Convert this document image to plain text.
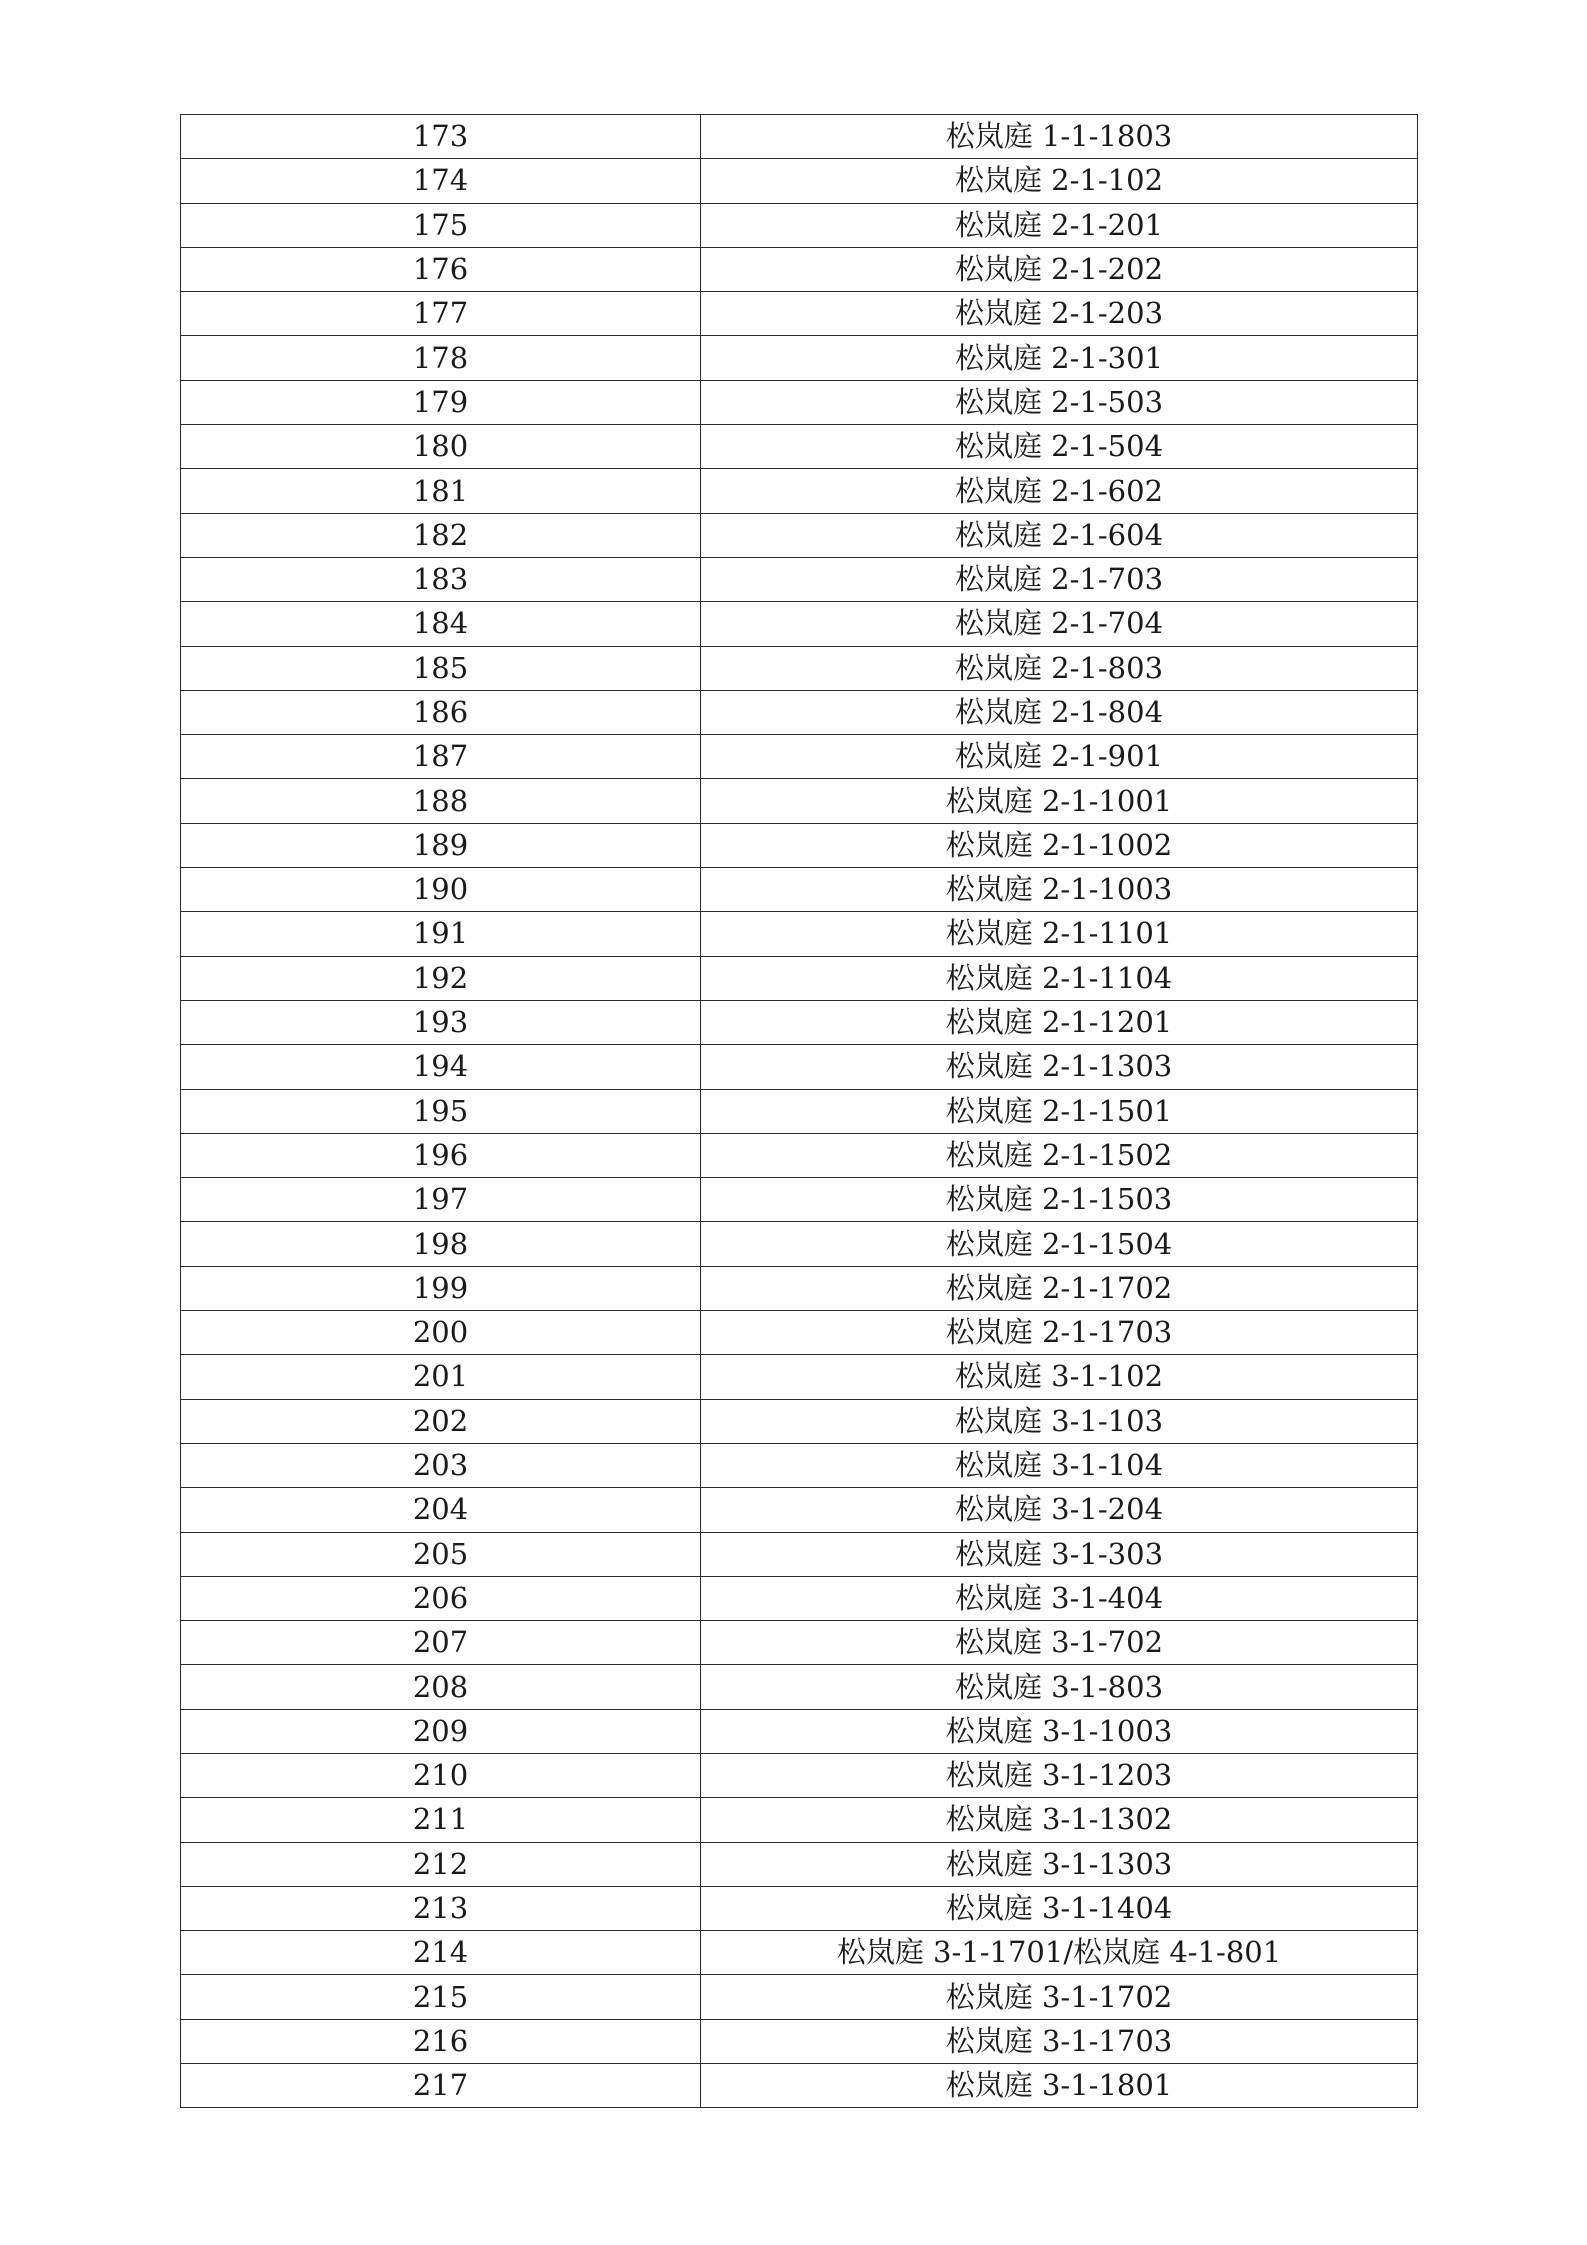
173	松岚庭 1-1-1803
174	松岚庭 2-1-102
175	松岚庭 2-1-201
176	松岚庭 2-1-202
177	松岚庭 2-1-203
178	松岚庭 2-1-301
179	松岚庭 2-1-503
180	松岚庭 2-1-504
181	松岚庭 2-1-602
182	松岚庭 2-1-604
183	松岚庭 2-1-703
184	松岚庭 2-1-704
185	松岚庭 2-1-803
186	松岚庭 2-1-804
187	松岚庭 2-1-901
188	松岚庭 2-1-1001
189	松岚庭 2-1-1002
190	松岚庭 2-1-1003
191	松岚庭 2-1-1101
192	松岚庭 2-1-1104
193	松岚庭 2-1-1201
194	松岚庭 2-1-1303
195	松岚庭 2-1-1501
196	松岚庭 2-1-1502
197	松岚庭 2-1-1503
198	松岚庭 2-1-1504
199	松岚庭 2-1-1702
200	松岚庭 2-1-1703
201	松岚庭 3-1-102
202	松岚庭 3-1-103
203	松岚庭 3-1-104
204	松岚庭 3-1-204
205	松岚庭 3-1-303
206	松岚庭 3-1-404
207	松岚庭 3-1-702
208	松岚庭 3-1-803
209	松岚庭 3-1-1003
210	松岚庭 3-1-1203
211	松岚庭 3-1-1302
212	松岚庭 3-1-1303
213	松岚庭 3-1-1404
214	松岚庭 3-1-1701/松岚庭 4-1-801
215	松岚庭 3-1-1702
216	松岚庭 3-1-1703
217	松岚庭 3-1-1801
